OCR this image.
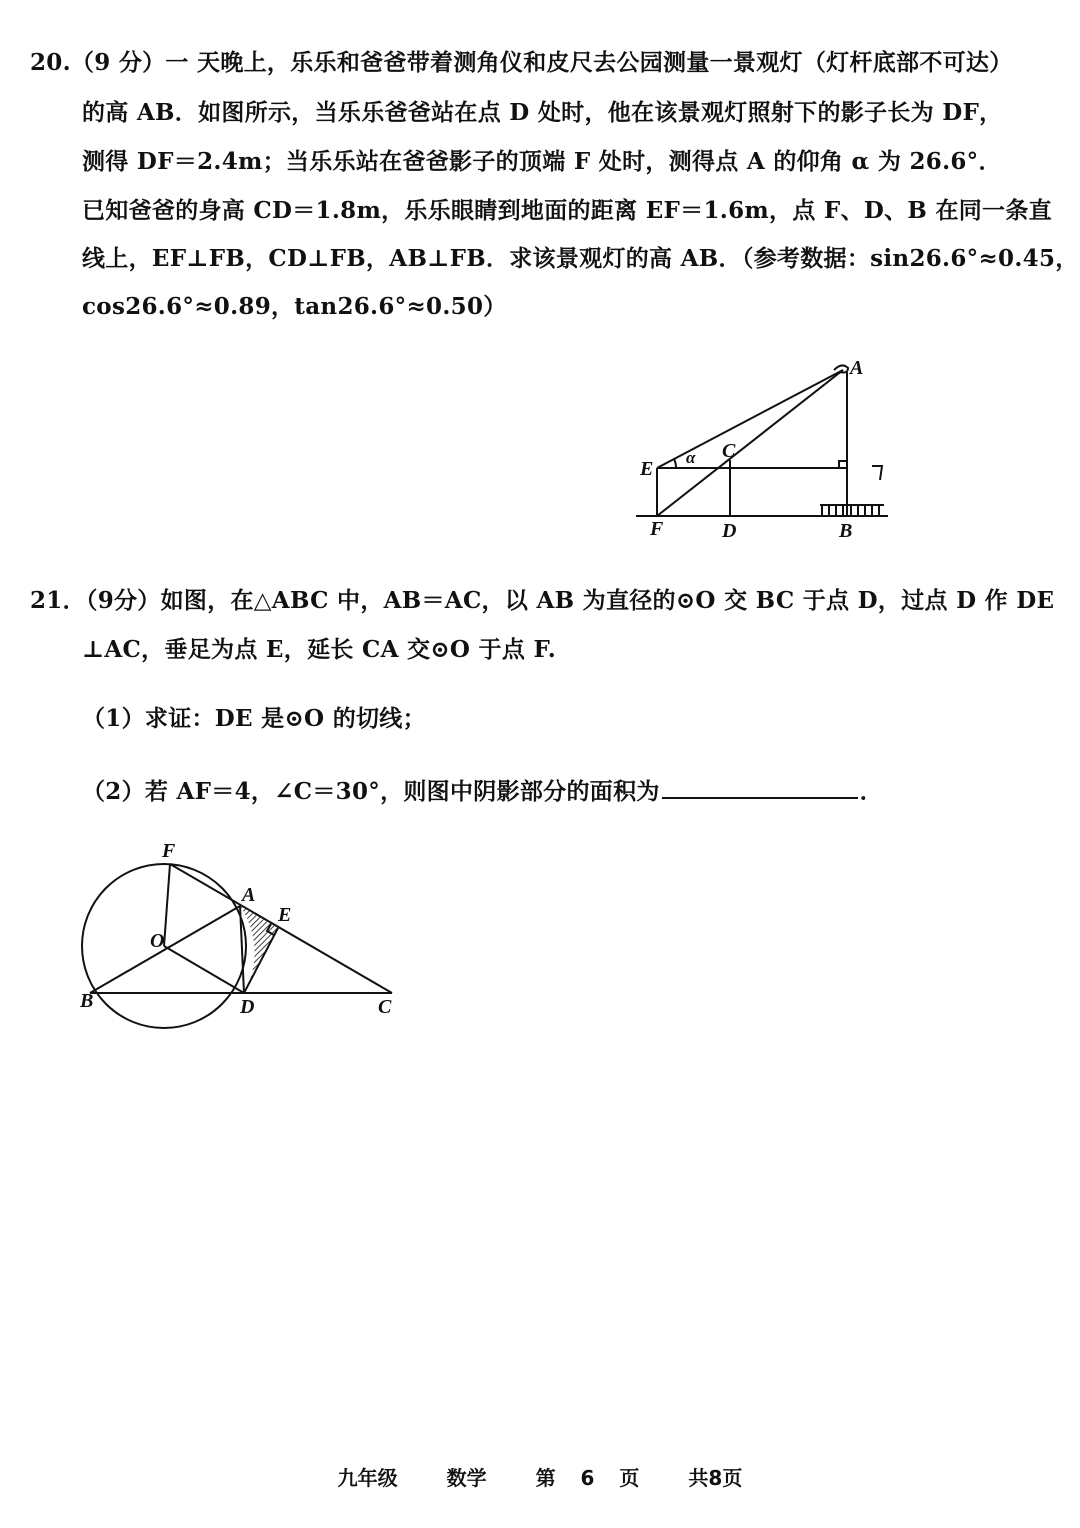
20.（9 分）一 天晚上，乐乐和爸爸带着测角仪和皮尺去公园测量一景观灯（灯杆底部不可达）
的高 AB．如图所示，当乐乐爸爸站在点 D 处时，他在该景观灯照射下的影子长为 DF，
测得 DF＝2.4m；当乐乐站在爸爸影子的顶端 F 处时，测得点 A 的仰角 α 为 26.6°．
已知爸爸的身高 CD＝1.8m，乐乐眼睛到地面的距离 EF＝1.6m，点 F、D、B 在同一条直
线上，EF⊥FB，CD⊥FB，AB⊥FB．求该景观灯的高 AB．（参考数据：sin26.6°≈0.45，
cos26.6°≈0.89，tan26.6°≈0.50）
A
E
C
α
F	D	B
21．（9分）如图，在△ABC 中，AB＝AC，以 AB 为直径的⊙O 交 BC 于点 D，过点 D 作 DE
⊥AC，垂足为点 E，延长 CA 交⊙O 于点 F.
（1）求证：DE 是⊙O 的切线；
（2）若 AF＝4，∠C＝30°，则图中阴影部分的面积为	．
F
A
E
O
B	D	C
九年级 数学 第 6 页 共8页
